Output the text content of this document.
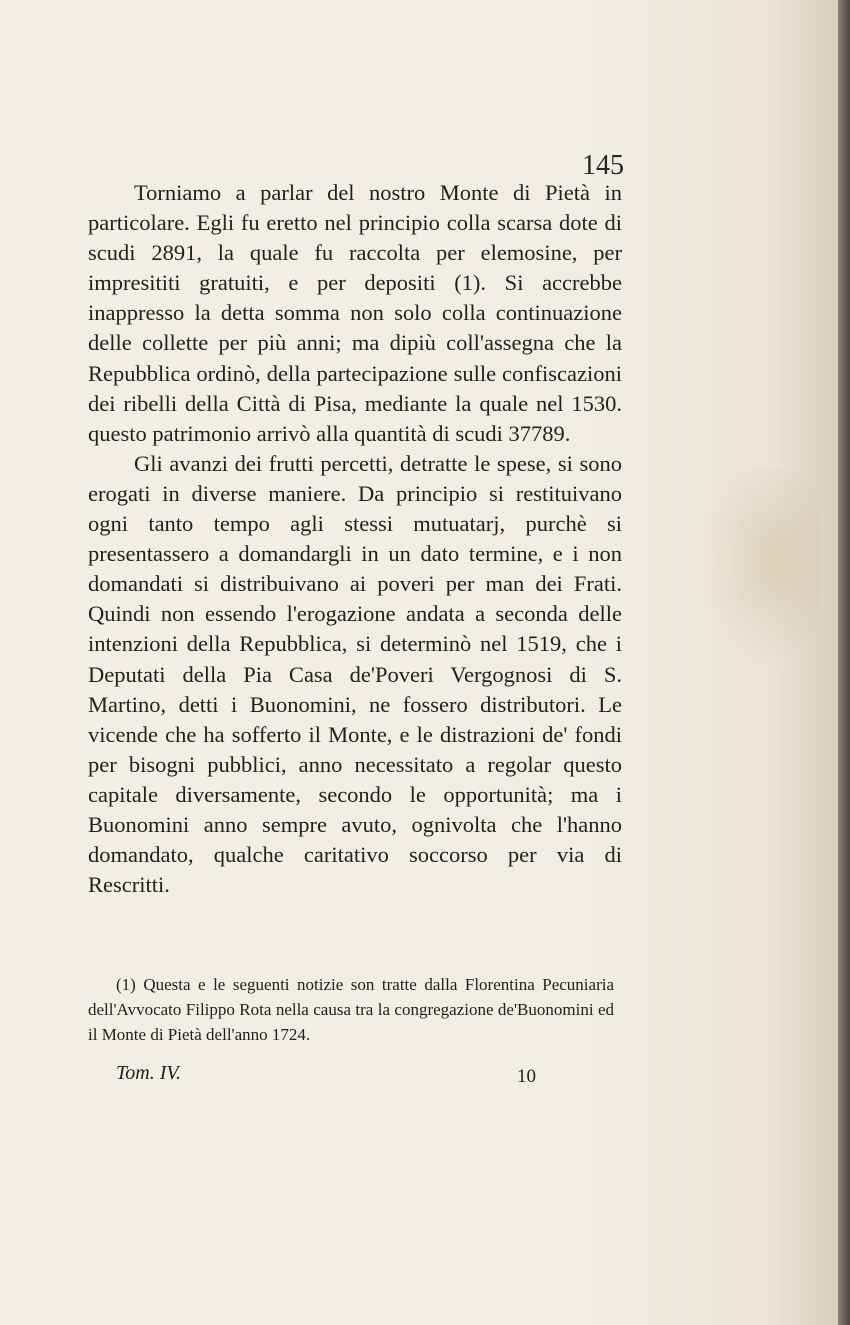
145

Torniamo a parlar del nostro Monte di Pietà in particolare. Egli fu eretto nel principio colla scarsa dote di scudi 2891, la quale fu raccolta per elemosine, per impresititi gratuiti, e per depositi (1). Si accrebbe inappresso la detta somma non solo colla continuazione delle collette per più anni; ma dipiù coll'assegna che la Repubblica ordinò, della partecipazione sulle confiscazioni dei ribelli della Città di Pisa, mediante la quale nel 1530. questo patrimonio arrivò alla quantità di scudi 37789.

Gli avanzi dei frutti percetti, detratte le spese, si sono erogati in diverse maniere. Da principio si restituivano ogni tanto tempo agli stessi mutuatarj, purchè si presentassero a domandargli in un dato termine, e i non domandati si distribuivano ai poveri per man dei Frati. Quindi non essendo l'erogazione andata a seconda delle intenzioni della Repubblica, si determinò nel 1519, che i Deputati della Pia Casa de'Poveri Vergognosi di S. Martino, detti i Buonomini, ne fossero distributori. Le vicende che ha sofferto il Monte, e le distrazioni de' fondi per bisogni pubblici, anno necessitato a regolar questo capitale diversamente, secondo le opportunità; ma i Buonomini anno sempre avuto, ognivolta che l'hanno domandato, qualche caritativo soccorso per via di Rescritti.

(1) Questa e le seguenti notizie son tratte dalla Florentina Pecuniaria dell'Avvocato Filippo Rota nella causa tra la congregazione de'Buonomini ed il Monte di Pietà dell'anno 1724.
Tom. IV.	10
